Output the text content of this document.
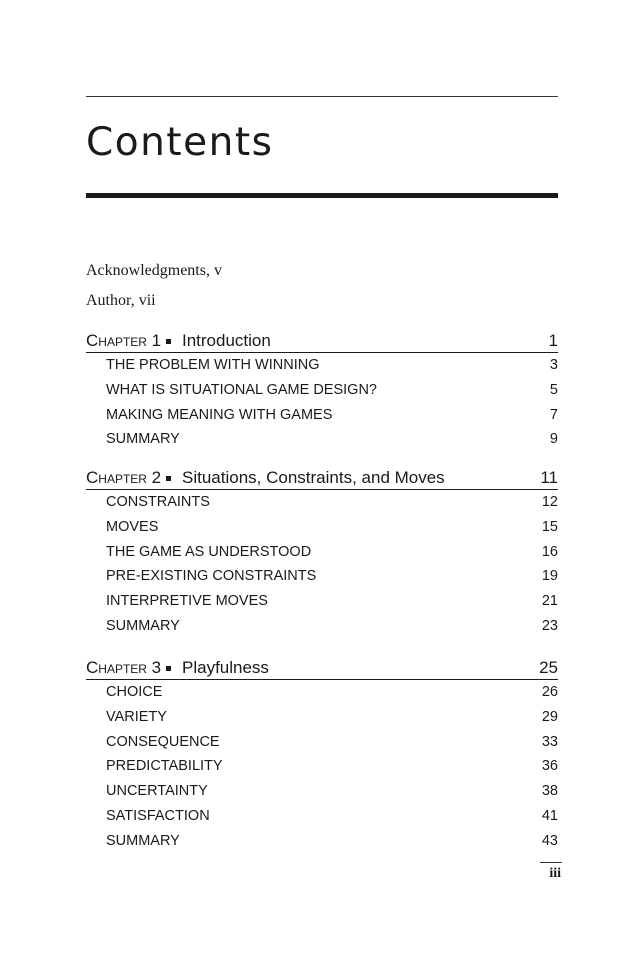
Contents
Acknowledgments, v
Author, vii
Chapter 1 Introduction	1
THE PROBLEM WITH WINNING	3
WHAT IS SITUATIONAL GAME DESIGN?	5
MAKING MEANING WITH GAMES	7
SUMMARY	9
Chapter 2 Situations, Constraints, and Moves	11
CONSTRAINTS	12
MOVES	15
THE GAME AS UNDERSTOOD	16
PRE-EXISTING CONSTRAINTS	19
INTERPRETIVE MOVES	21
SUMMARY	23
Chapter 3 Playfulness	25
CHOICE	26
VARIETY	29
CONSEQUENCE	33
PREDICTABILITY	36
UNCERTAINTY	38
SATISFACTION	41
SUMMARY	43
iii
